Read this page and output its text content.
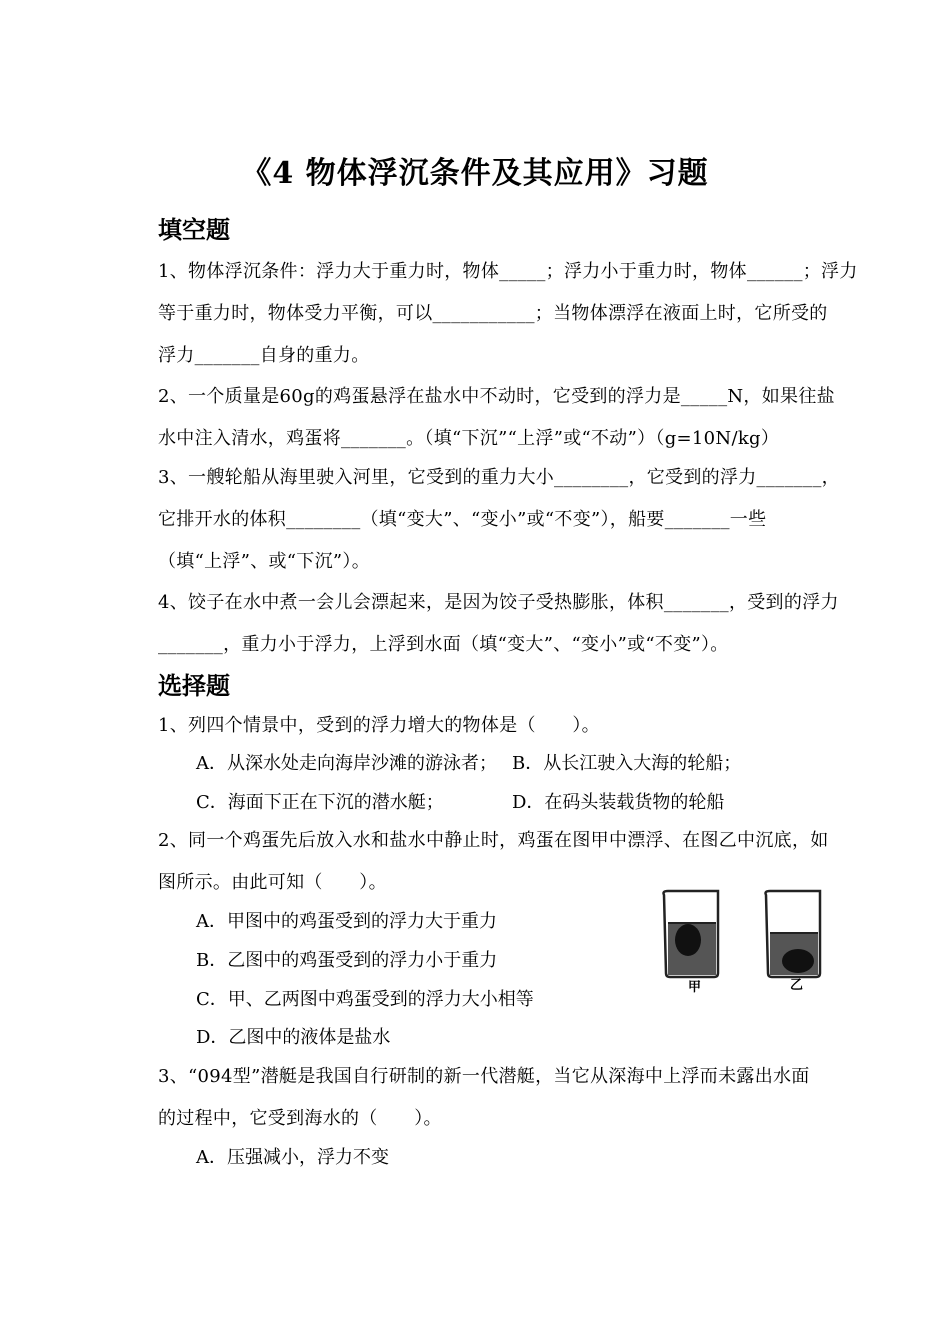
《4 物体浮沉条件及其应用》习题
填空题
1、物体浮沉条件：浮力大于重力时，物体_____；浮力小于重力时，物体______；浮力
等于重力时，物体受力平衡，可以___________；当物体漂浮在液面上时，它所受的
浮力_______自身的重力。
2、一个质量是60g的鸡蛋悬浮在盐水中不动时，它受到的浮力是_____N，如果往盐
水中注入清水，鸡蛋将_______。（填“下沉”“上浮”或“不动”）（g=10N/kg）
3、一艘轮船从海里驶入河里，它受到的重力大小________，它受到的浮力_______，
它排开水的体积________（填“变大”、“变小”或“不变”），船要_______一些
（填“上浮”、或“下沉”）。
4、饺子在水中煮一会儿会漂起来，是因为饺子受热膨胀，体积_______，受到的浮力
_______，重力小于浮力，上浮到水面（填“变大”、“变小”或“不变”）。
选择题
1、列四个情景中，受到的浮力增大的物体是（　　）。
A．从深水处走向海岸沙滩的游泳者； B．从长江驶入大海的轮船；
C．海面下正在下沉的潜水艇；	D．在码头装载货物的轮船
2、同一个鸡蛋先后放入水和盐水中静止时，鸡蛋在图甲中漂浮、在图乙中沉底，如
图所示。由此可知（　　）。
A．甲图中的鸡蛋受到的浮力大于重力
B．乙图中的鸡蛋受到的浮力小于重力
C．甲、乙两图中鸡蛋受到的浮力大小相等
D．乙图中的液体是盐水
甲	乙
3、“094型”潜艇是我国自行研制的新一代潜艇，当它从深海中上浮而未露出水面
的过程中，它受到海水的（　　）。
A．压强减小，浮力不变
